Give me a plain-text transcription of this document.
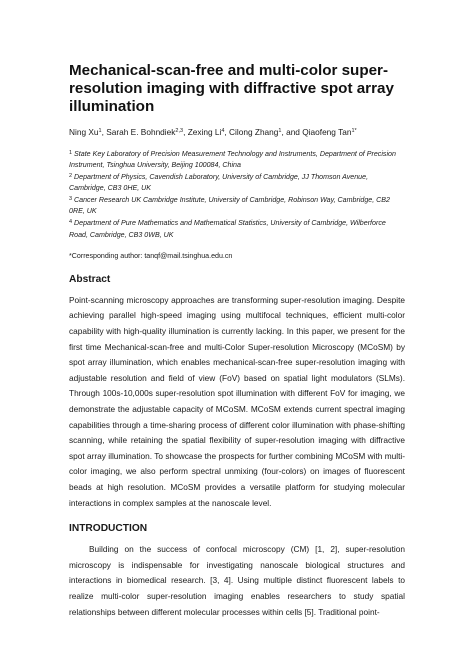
Mechanical-scan-free and multi-color super-resolution imaging with diffractive spot array illumination
Ning Xu$^1$, Sarah E. Bohndiek$^{2,3}$, Zexing Li$^4$, Cilong Zhang$^1$, and Qiaofeng Tan$^{1*}$

$^1$ State Key Laboratory of Precision Measurement Technology and Instruments, Department of Precision Instrument, Tsinghua University, Beijing 100084, China

$^2$ Department of Physics, Cavendish Laboratory, University of Cambridge, JJ Thomson Avenue, Cambridge, CB3 0HE, UK

$^3$ Cancer Research UK Cambridge Institute, University of Cambridge, Robinson Way, Cambridge, CB2 0RE, UK

$^4$ Department of Pure Mathematics and Mathematical Statistics, University of Cambridge, Wilberforce Road, Cambridge, CB3 0WB, UK

*Corresponding author: tanqf@mail.tsinghua.edu.cn

Abstract

Point-scanning microscopy approaches are transforming super-resolution imaging. Despite achieving parallel high-speed imaging using multifocal techniques, efficient multi-color capability with high-quality illumination is currently lacking. In this paper, we present for the first time Mechanical-scan-free and multi-Color Super-resolution Microscopy (MCoSM) by spot array illumination, which enables mechanical-scan-free super-resolution imaging with adjustable resolution and field of view (FoV) based on spatial light modulators (SLMs). Through 100s-10,000s super-resolution spot illumination with different FoV for imaging, we demonstrate the adjustable capacity of MCoSM. MCoSM extends current spectral imaging capabilities through a time-sharing process of different color illumination with phase-shifting scanning, while retaining the spatial flexibility of super-resolution imaging with diffractive spot array illumination. To showcase the prospects for further combining MCoSM with multi-color imaging, we also perform spectral unmixing (four-colors) on images of fluorescent beads at high resolution. MCoSM provides a versatile platform for studying molecular interactions in complex samples at the nanoscale level.

INTRODUCTION

Building on the success of confocal microscopy (CM) [1, 2], super-resolution microscopy is indispensable for investigating nanoscale biological structures and interactions in biomedical research. [3, 4]. Using multiple distinct fluorescent labels to realize multi-color super-resolution imaging enables researchers to study spatial relationships between different molecular processes within cells [5]. Traditional point-
